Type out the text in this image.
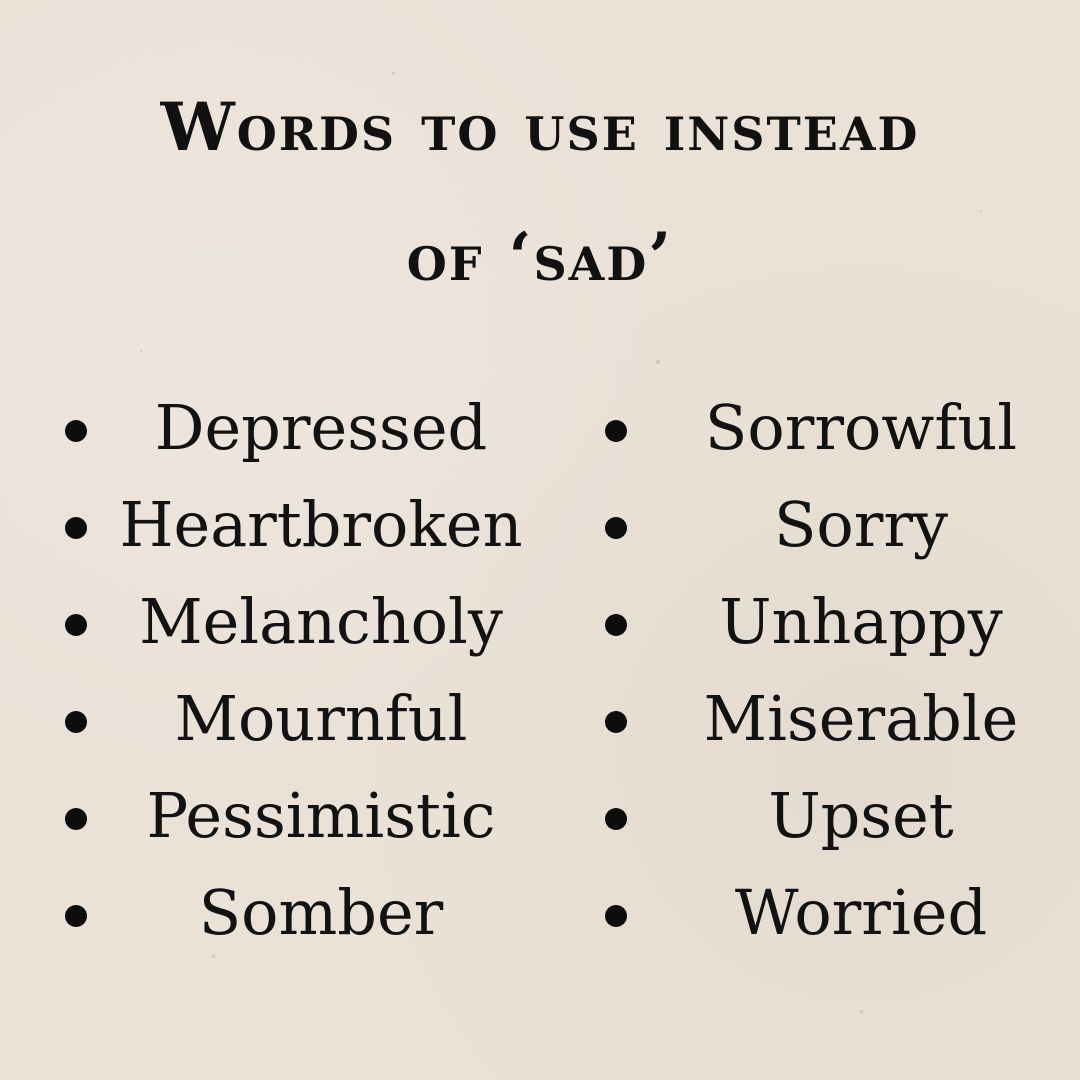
Words to use instead
of ‘sad’
Depressed
Heartbroken
Melancholy
Mournful
Pessimistic
Somber
Sorrowful
Sorry
Unhappy
Miserable
Upset
Worried
